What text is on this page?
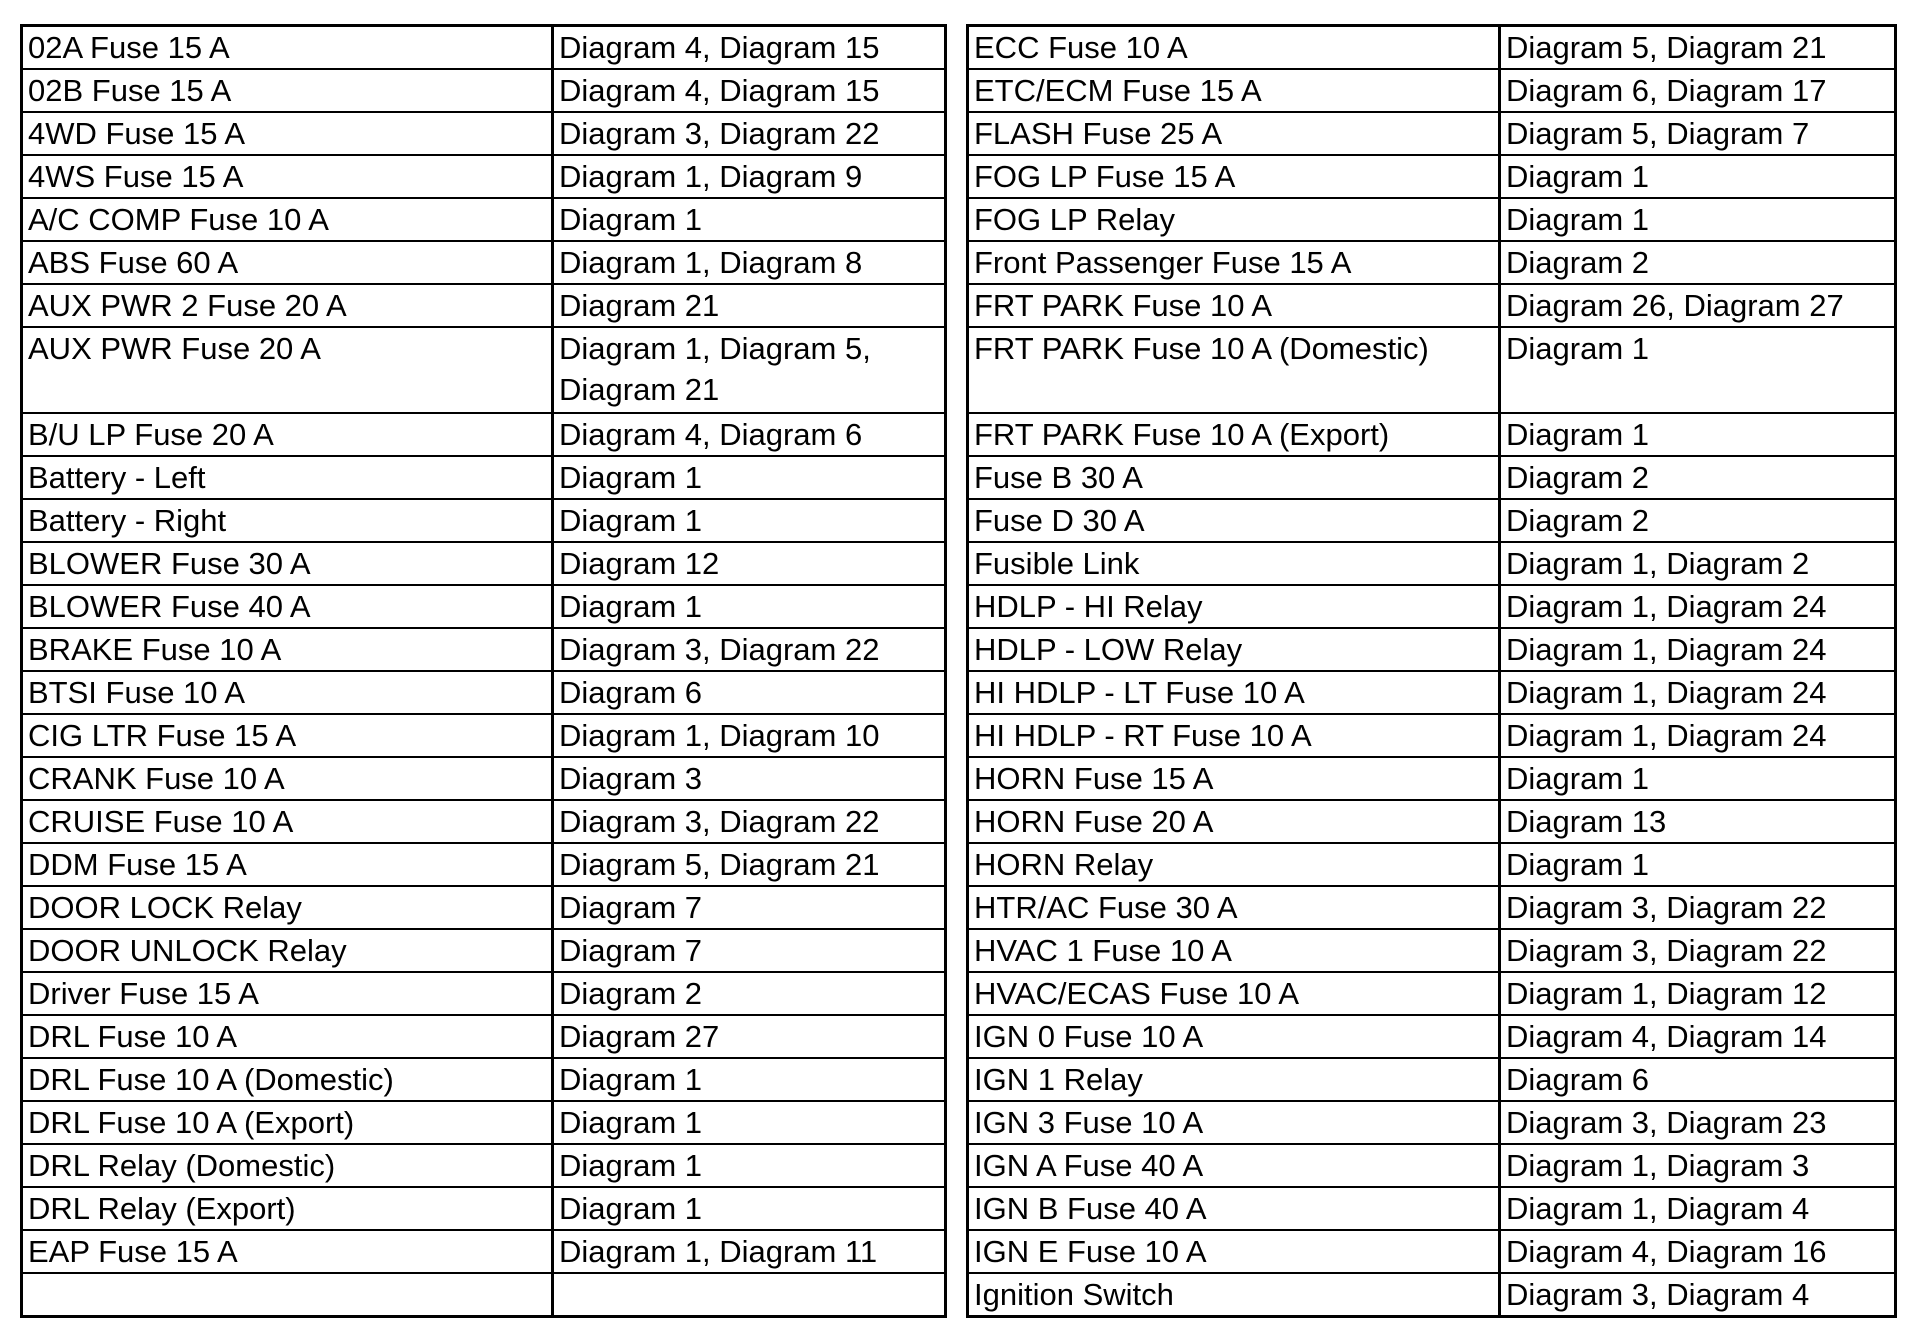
02A Fuse 15 A	Diagram 4, Diagram 15
02B Fuse 15 A	Diagram 4, Diagram 15
4WD Fuse 15 A	Diagram 3, Diagram 22
4WS Fuse 15 A	Diagram 1, Diagram 9
A/C COMP Fuse 10 A	Diagram 1
ABS Fuse 60 A	Diagram 1, Diagram 8
AUX PWR 2 Fuse 20 A	Diagram 21
AUX PWR Fuse 20 A	Diagram 1, Diagram 5, Diagram 21
B/U LP Fuse 20 A	Diagram 4, Diagram 6
Battery - Left	Diagram 1
Battery - Right	Diagram 1
BLOWER Fuse 30 A	Diagram 12
BLOWER Fuse 40 A	Diagram 1
BRAKE Fuse 10 A	Diagram 3, Diagram 22
BTSI Fuse 10 A	Diagram 6
CIG LTR Fuse 15 A	Diagram 1, Diagram 10
CRANK Fuse 10 A	Diagram 3
CRUISE Fuse 10 A	Diagram 3, Diagram 22
DDM Fuse 15 A	Diagram 5, Diagram 21
DOOR LOCK Relay	Diagram 7
DOOR UNLOCK Relay	Diagram 7
Driver Fuse 15 A	Diagram 2
DRL Fuse 10 A	Diagram 27
DRL Fuse 10 A (Domestic)	Diagram 1
DRL Fuse 10 A (Export)	Diagram 1
DRL Relay (Domestic)	Diagram 1
DRL Relay (Export)	Diagram 1
EAP Fuse 15 A	Diagram 1, Diagram 11

ECC Fuse 10 A	Diagram 5, Diagram 21
ETC/ECM Fuse 15 A	Diagram 6, Diagram 17
FLASH Fuse 25 A	Diagram 5, Diagram 7
FOG LP Fuse 15 A	Diagram 1
FOG LP Relay	Diagram 1
Front Passenger Fuse 15 A	Diagram 2
FRT PARK Fuse 10 A	Diagram 26, Diagram 27
FRT PARK Fuse 10 A (Domestic)	Diagram 1
FRT PARK Fuse 10 A (Export)	Diagram 1
Fuse B 30 A	Diagram 2
Fuse D 30 A	Diagram 2
Fusible Link	Diagram 1, Diagram 2
HDLP - HI Relay	Diagram 1, Diagram 24
HDLP - LOW Relay	Diagram 1, Diagram 24
HI HDLP - LT Fuse 10 A	Diagram 1, Diagram 24
HI HDLP - RT Fuse 10 A	Diagram 1, Diagram 24
HORN Fuse 15 A	Diagram 1
HORN Fuse 20 A	Diagram 13
HORN Relay	Diagram 1
HTR/AC Fuse 30 A	Diagram 3, Diagram 22
HVAC 1 Fuse 10 A	Diagram 3, Diagram 22
HVAC/ECAS Fuse 10 A	Diagram 1, Diagram 12
IGN 0 Fuse 10 A	Diagram 4, Diagram 14
IGN 1 Relay	Diagram 6
IGN 3 Fuse 10 A	Diagram 3, Diagram 23
IGN A Fuse 40 A	Diagram 1, Diagram 3
IGN B Fuse 40 A	Diagram 1, Diagram 4
IGN E Fuse 10 A	Diagram 4, Diagram 16
Ignition Switch	Diagram 3, Diagram 4
